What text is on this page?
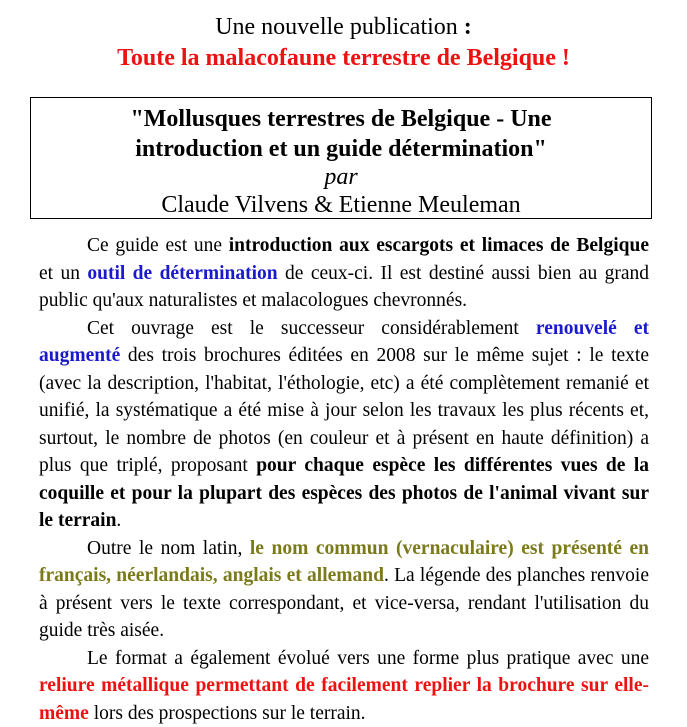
Une nouvelle publication :
Toute la malacofaune terrestre de Belgique !
"Mollusques terrestres de Belgique - Une
introduction et un guide détermination"
par
Claude Vilvens & Etienne Meuleman

Ce guide est une introduction aux escargots et limaces de Belgique et un outil de détermination de ceux-ci. Il est destiné aussi bien au grand public qu'aux naturalistes et malacologues chevronnés.

Cet ouvrage est le successeur considérablement renouvelé et augmenté des trois brochures éditées en 2008 sur le même sujet : le texte (avec la description, l'habitat, l'éthologie, etc) a été complètement remanié et unifié, la systématique a été mise à jour selon les travaux les plus récents et, surtout, le nombre de photos (en couleur et à présent en haute définition) a plus que triplé, proposant pour chaque espèce les différentes vues de la coquille et pour la plupart des espèces des photos de l'animal vivant sur le terrain.

Outre le nom latin, le nom commun (vernaculaire) est présenté en français, néerlandais, anglais et allemand. La légende des planches renvoie à présent vers le texte correspondant, et vice-versa, rendant l'utilisation du guide très aisée.

Le format a également évolué vers une forme plus pratique avec une reliure métallique permettant de facilement replier la brochure sur elle-même lors des prospections sur le terrain.
